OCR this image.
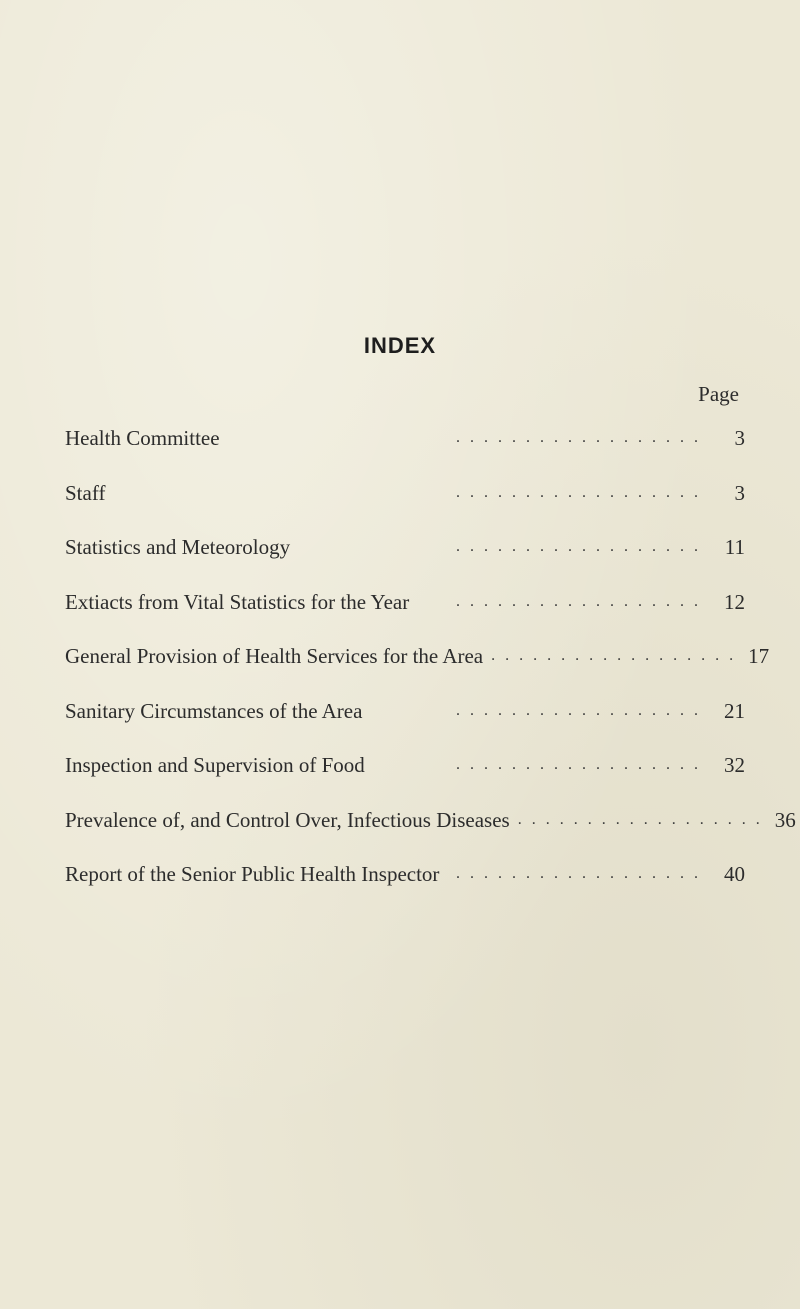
INDEX
Page
Health Committee	. . . . . . . . . . . . . . . . . .	3
Staff	. . . . . . . . . . . . . . . . . .	3
Statistics and Meteorology	. . . . . . . . . . . . . . . . . .	11
Extiacts from Vital Statistics for the Year	. . . . . . . . . . . . . . . . . .	12
General Provision of Health Services for the Area . . . . . . . . . . . . . . . . . . 17
Sanitary Circumstances of the Area	. . . . . . . . . . . . . . . . . .	21
Inspection and Supervision of Food	. . . . . . . . . . . . . . . . . .	32
Prevalence of, and Control Over, Infectious Diseases . . . . . . . . . . . . . . . . . . 36
Report of the Senior Public Health Inspector	. . . . . . . . . . . . . . . . . .	40
